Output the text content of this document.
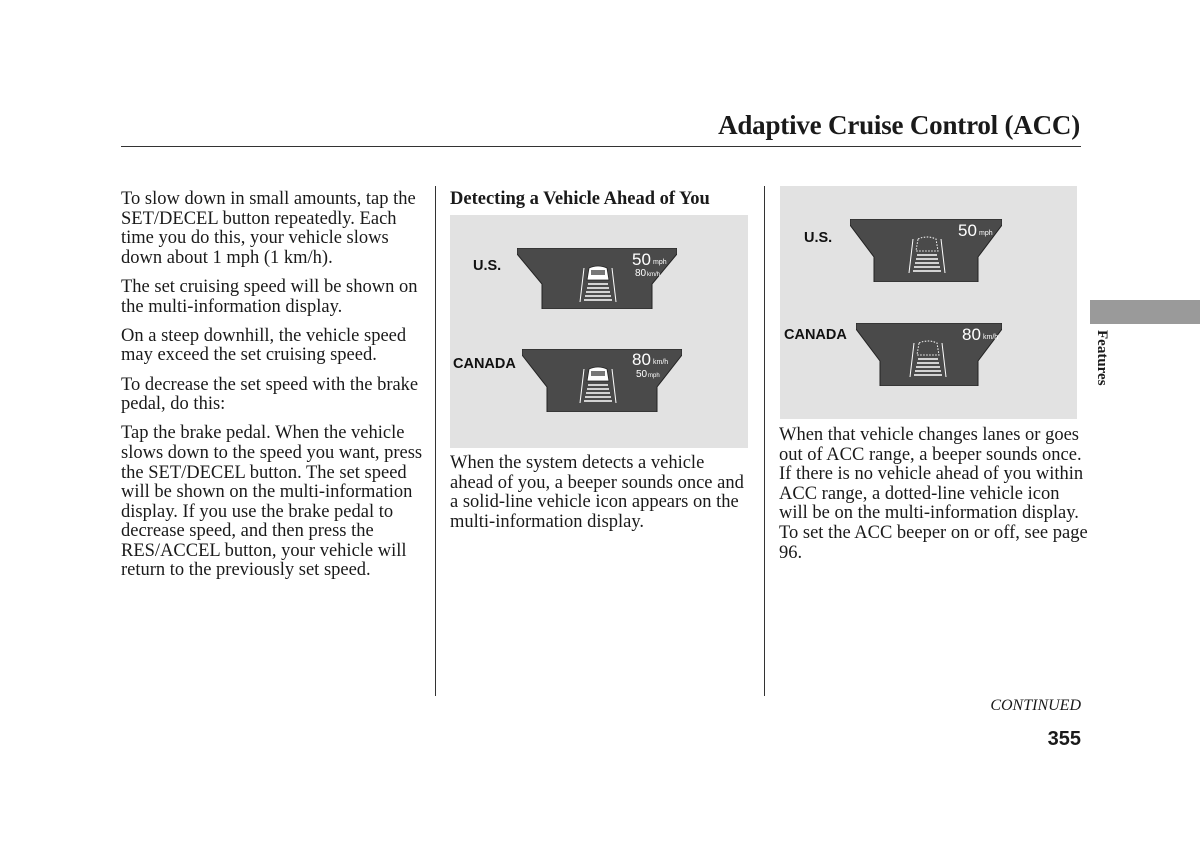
Adaptive Cruise Control (ACC)

To slow down in small amounts, tap the SET/DECEL button repeatedly. Each time you do this, your vehicle slows down about 1 mph (1 km/h).

The set cruising speed will be shown on the multi-information display.

On a steep downhill, the vehicle speed may exceed the set cruising speed.

To decrease the set speed with the brake pedal, do this:

Tap the brake pedal. When the vehicle slows down to the speed you want, press the SET/DECEL button. The set speed will be shown on the multi-information display. If you use the brake pedal to decrease speed, and then press the RES/ACCEL button, your vehicle will return to the previously set speed.

Detecting a Vehicle Ahead of You
U.S.	50 mph
80 km/h
CANADA	80 km/h
50 mph
When the system detects a vehicle ahead of you, a beeper sounds once and a solid-line vehicle icon appears on the multi-information display.
U.S.	50 mph
CANADA	80 km/h

When that vehicle changes lanes or goes out of ACC range, a beeper sounds once. If there is no vehicle ahead of you within ACC range, a dotted-line vehicle icon will be on the multi-information display.

To set the ACC beeper on or off, see page 96.

Features
CONTINUED
355
